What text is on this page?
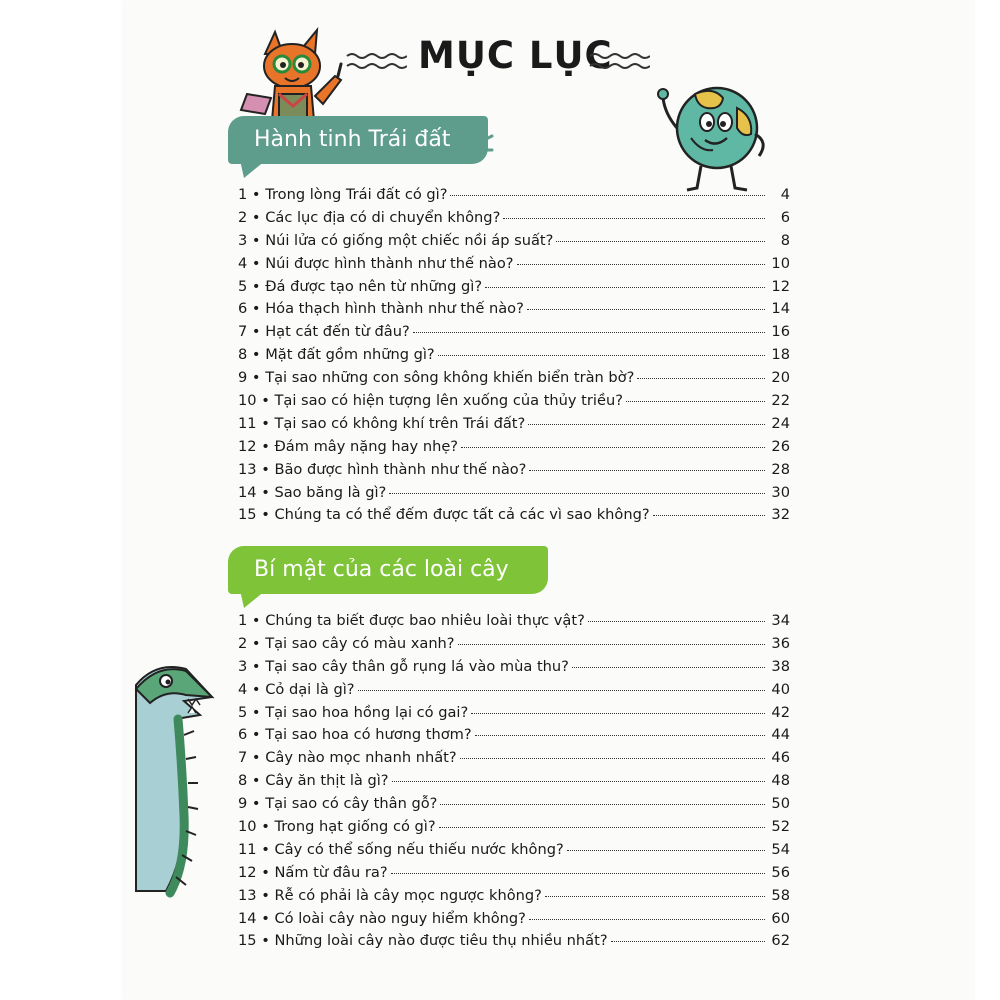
MỤC LỤC
Hành tinh Trái đất
1 • Trong lòng Trái đất có gì?	4
2 • Các lục địa có di chuyển không?	6
3 • Núi lửa có giống một chiếc nồi áp suất?	8
4 • Núi được hình thành như thế nào?	10
5 • Đá được tạo nên từ những gì?	12
6 • Hóa thạch hình thành như thế nào?	14
7 • Hạt cát đến từ đâu?	16
8 • Mặt đất gồm những gì?	18
9 • Tại sao những con sông không khiến biển tràn bờ?	20
10 • Tại sao có hiện tượng lên xuống của thủy triều?	22
11 • Tại sao có không khí trên Trái đất?	24
12 • Đám mây nặng hay nhẹ?	26
13 • Bão được hình thành như thế nào?	28
14 • Sao băng là gì?	30
15 • Chúng ta có thể đếm được tất cả các vì sao không?	32
Bí mật của các loài cây
1 • Chúng ta biết được bao nhiêu loài thực vật?	34
2 • Tại sao cây có màu xanh?	36
3 • Tại sao cây thân gỗ rụng lá vào mùa thu?	38
4 • Cỏ dại là gì?	40
5 • Tại sao hoa hồng lại có gai?	42
6 • Tại sao hoa có hương thơm?	44
7 • Cây nào mọc nhanh nhất?	46
8 • Cây ăn thịt là gì?	48
9 • Tại sao có cây thân gỗ?	50
10 • Trong hạt giống có gì?	52
11 • Cây có thể sống nếu thiếu nước không?	54
12 • Nấm từ đâu ra?	56
13 • Rễ có phải là cây mọc ngược không?	58
14 • Có loài cây nào nguy hiểm không?	60
15 • Những loài cây nào được tiêu thụ nhiều nhất?	62
